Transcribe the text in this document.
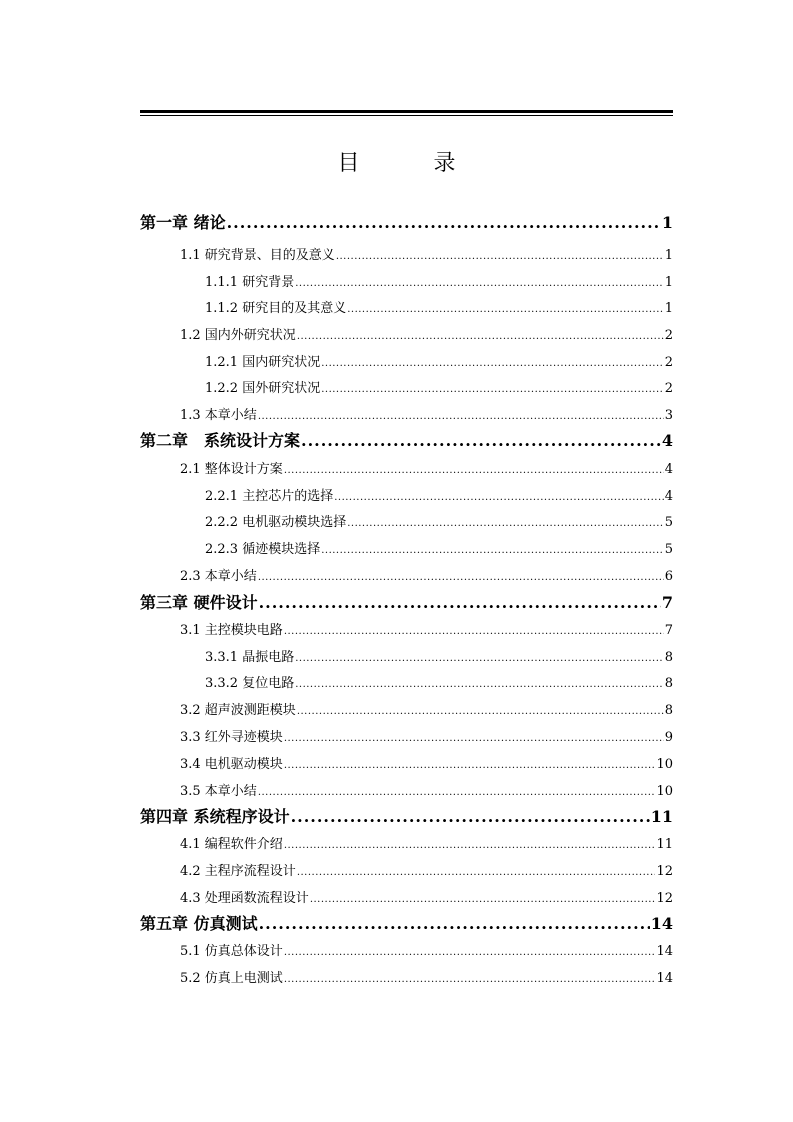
目　录
第一章 绪论 .....	1
1.1 研究背景、目的及意义 .....	1
1.1.1 研究背景 .....	1
1.1.2 研究目的及其意义 .....	1
1.2 国内外研究状况 .....	2
1.2.1 国内研究状况 .....	2
1.2.2 国外研究状况 .....	2
1.3 本章小结 .....	3
第二章　系统设计方案 .....	4
2.1 整体设计方案 .....	4
2.2.1 主控芯片的选择 .....	4
2.2.2 电机驱动模块选择 .....	5
2.2.3 循迹模块选择 .....	5
2.3 本章小结 .....	6
第三章 硬件设计 .....	7
3.1 主控模块电路 .....	7
3.3.1 晶振电路 .....	8
3.3.2 复位电路 .....	8
3.2 超声波测距模块 .....	8
3.3 红外寻迹模块 .....	9
3.4 电机驱动模块 .....	10
3.5 本章小结 .....	10
第四章 系统程序设计 .....	11
4.1 编程软件介绍 .....	11
4.2 主程序流程设计 .....	12
4.3 处理函数流程设计 .....	12
第五章 仿真测试 .....	14
5.1 仿真总体设计 .....	14
5.2 仿真上电测试 .....	14
